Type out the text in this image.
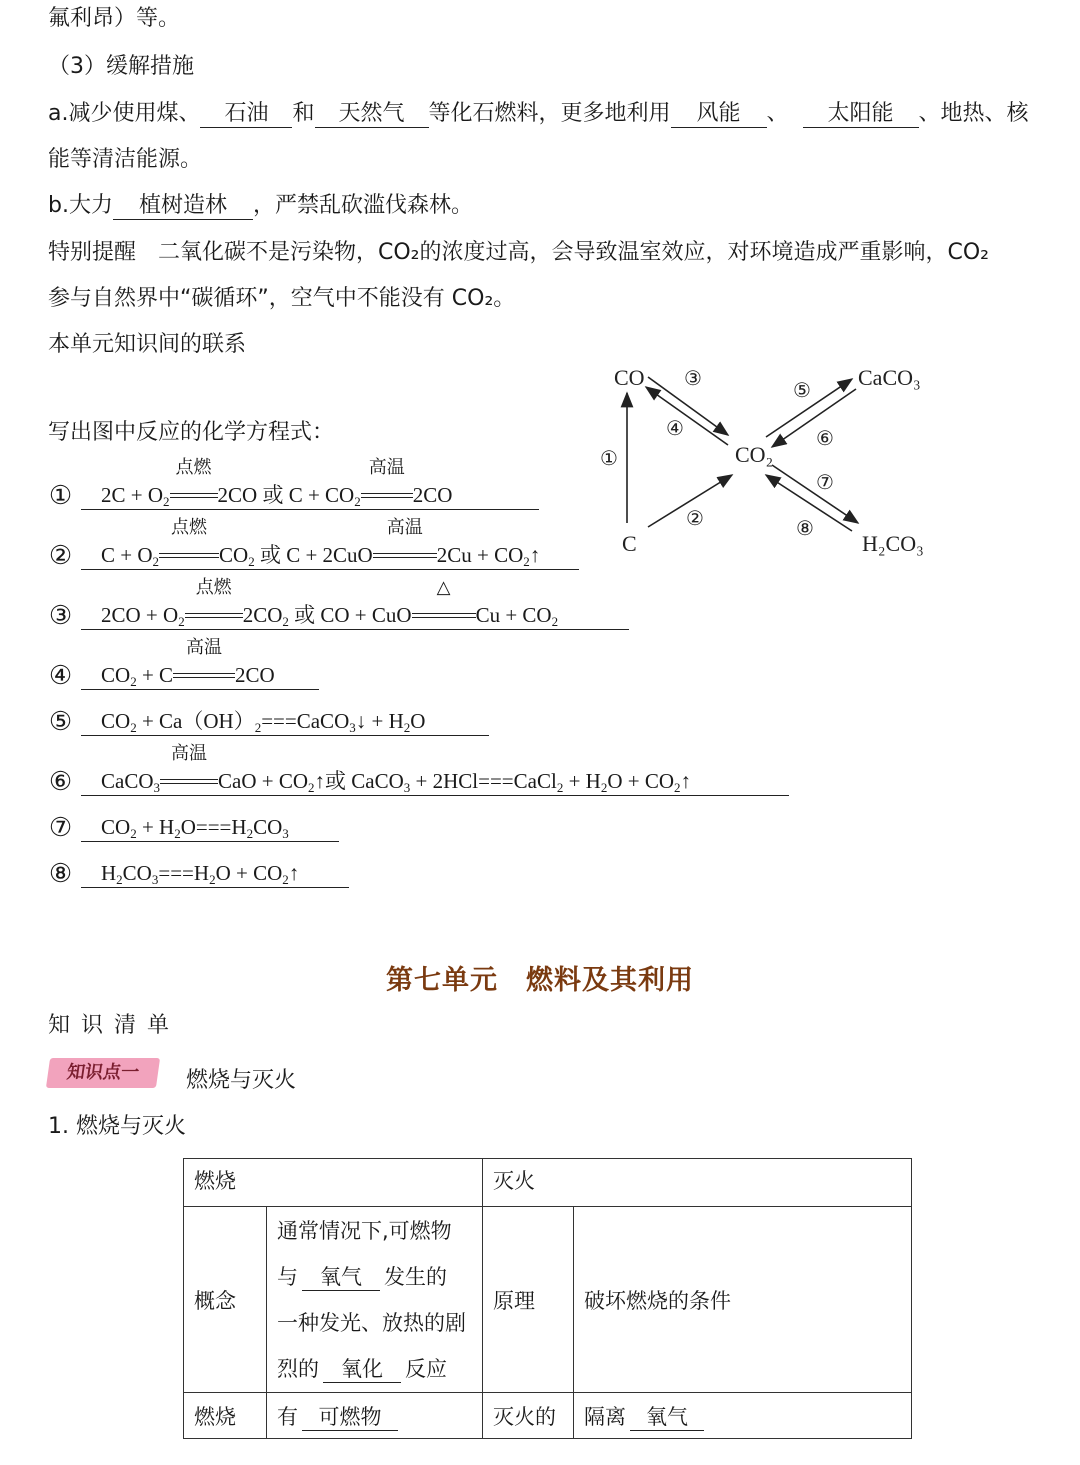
氟利昂）等。
（3）缓解措施
a.减少使用煤、 石油 和 天然气 等化石燃料，更多地利用 风能 、 太阳能 、地热、核
能等清洁能源。
b.大力 植树造林 ，严禁乱砍滥伐森林。
特别提醒　二氧化碳不是污染物，CO₂的浓度过高，会导致温室效应，对环境造成严重影响，CO₂
参与自然界中“碳循环”，空气中不能没有 CO₂。
本单元知识间的联系
写出图中反应的化学方程式：
CO
CO₂
C
CaCO₃
H₂CO₃
①
②
③
④
⑤
⑥
⑦
⑧
① $2C + O_2$
点燃
2CO 或 $C + CO_2$
高温
2CO
② $C + O_2$
点燃
$CO_2$ 或 C + 2CuO
高温
$2Cu + CO_2↑$
③ $2CO + O_2$
点燃
$2CO_2$ 或 CO + CuO
△
$Cu + CO_2$
④ $CO_2 + C$
高温
2CO
⑤ $CO_2$ + $Ca(OH)_2===CaCO_3↓ + H_2O$
⑥ CaCO$_3$
高温
CaO + $CO_2↑$或 CaCO$_3$ + 2HCl===CaCl$_2$ + $H_2O$ + $CO_2↑$
⑦ $CO_2 + H_2O===H_2CO_3$
⑧ $H_2CO_3===H_2O$ + $CO_2↑$
第七单元　燃料及其利用
知 识 清 单
知识点一	燃烧与灭火
1. 燃烧与灭火
燃烧		灭火	
概念	通常情况下,可燃物
与 氧气 发生的
一种发光、放热的剧
烈的 氧化 反应	原理	破坏燃烧的条件
燃烧	有 可燃物	灭火的	隔离 氧气
